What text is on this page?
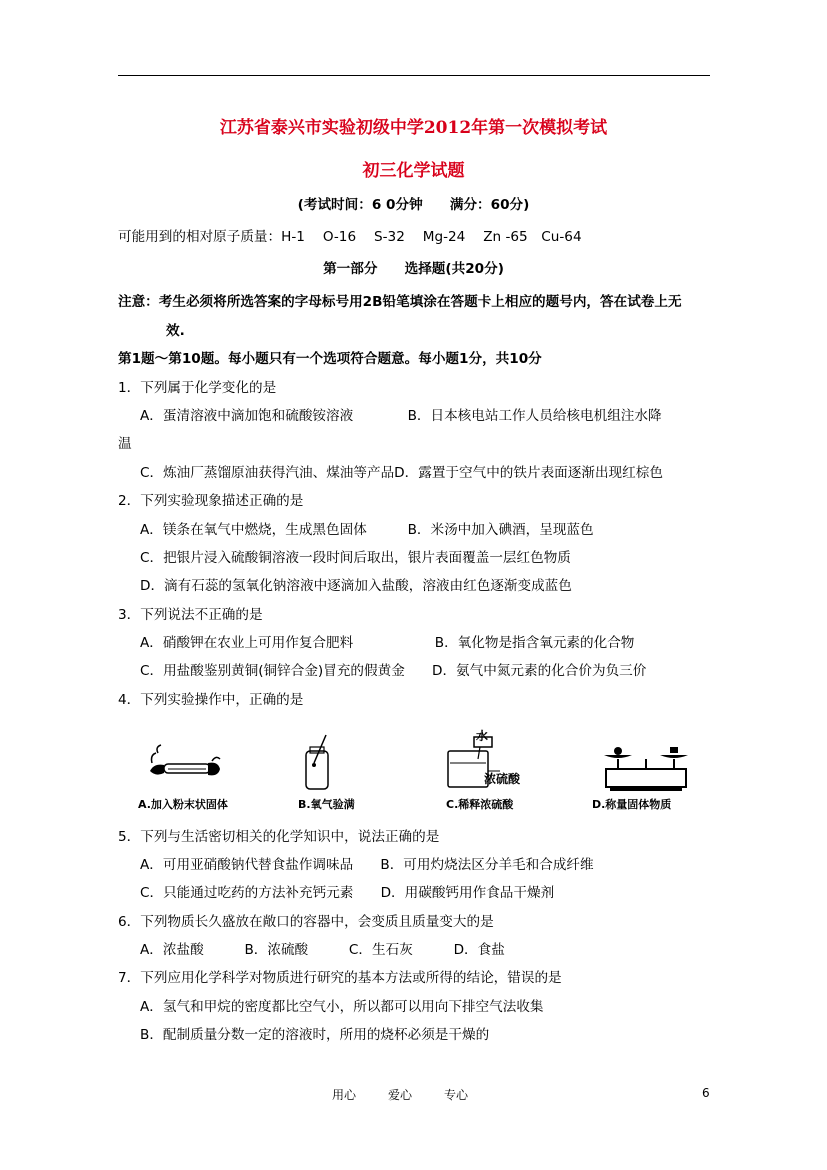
江苏省泰兴市实验初级中学2012年第一次模拟考试
初三化学试题
(考试时间：6 0分钟　　满分：60分)
可能用到的相对原子质量：H-1　 O-16　 S-32　 Mg-24　 Zn -65　Cu-64
第一部分　　选择题(共20分)
注意：考生必须将所选答案的字母标号用2B铅笔填涂在答题卡上相应的题号内，答在试卷上无
效.
第1题～第10题。每小题只有一个选项符合题意。每小题1分，共10分
1．下列属于化学变化的是
A．蛋清溶液中滴加饱和硫酸铵溶液　　　　B．日本核电站工作人员给核电机组注水降
温
C．炼油厂蒸馏原油获得汽油、煤油等产品D．露置于空气中的铁片表面逐渐出现红棕色
2．下列实验现象描述正确的是
A．镁条在氧气中燃烧，生成黑色固体　　　B．米汤中加入碘酒，呈现蓝色
C．把银片浸入硫酸铜溶液一段时间后取出，银片表面覆盖一层红色物质
D．滴有石蕊的氢氧化钠溶液中逐滴加入盐酸，溶液由红色逐渐变成蓝色
3．下列说法不正确的是
A．硝酸钾在农业上可用作复合肥料　　　　　　B．氧化物是指含氧元素的化合物
C．用盐酸鉴别黄铜(铜锌合金)冒充的假黄金　　D．氨气中氮元素的化合价为负三价
4．下列实验操作中，正确的是
A.加入粉末状固体	B.氧气验满
水
浓硫酸
C.稀释浓硫酸	D.称量固体物质
5．下列与生活密切相关的化学知识中，说法正确的是
A．可用亚硝酸钠代替食盐作调味品　　B．可用灼烧法区分羊毛和合成纤维
C．只能通过吃药的方法补充钙元素　　D．用碳酸钙用作食品干燥剂
6．下列物质长久盛放在敞口的容器中，会变质且质量变大的是
A．浓盐酸　　　B．浓硫酸　　　C．生石灰　　　D．食盐
7．下列应用化学科学对物质进行研究的基本方法或所得的结论，错误的是
A．氢气和甲烷的密度都比空气小，所以都可以用向下排空气法收集
B．配制质量分数一定的溶液时，所用的烧杯必须是干燥的
用心	爱心	专心	6
